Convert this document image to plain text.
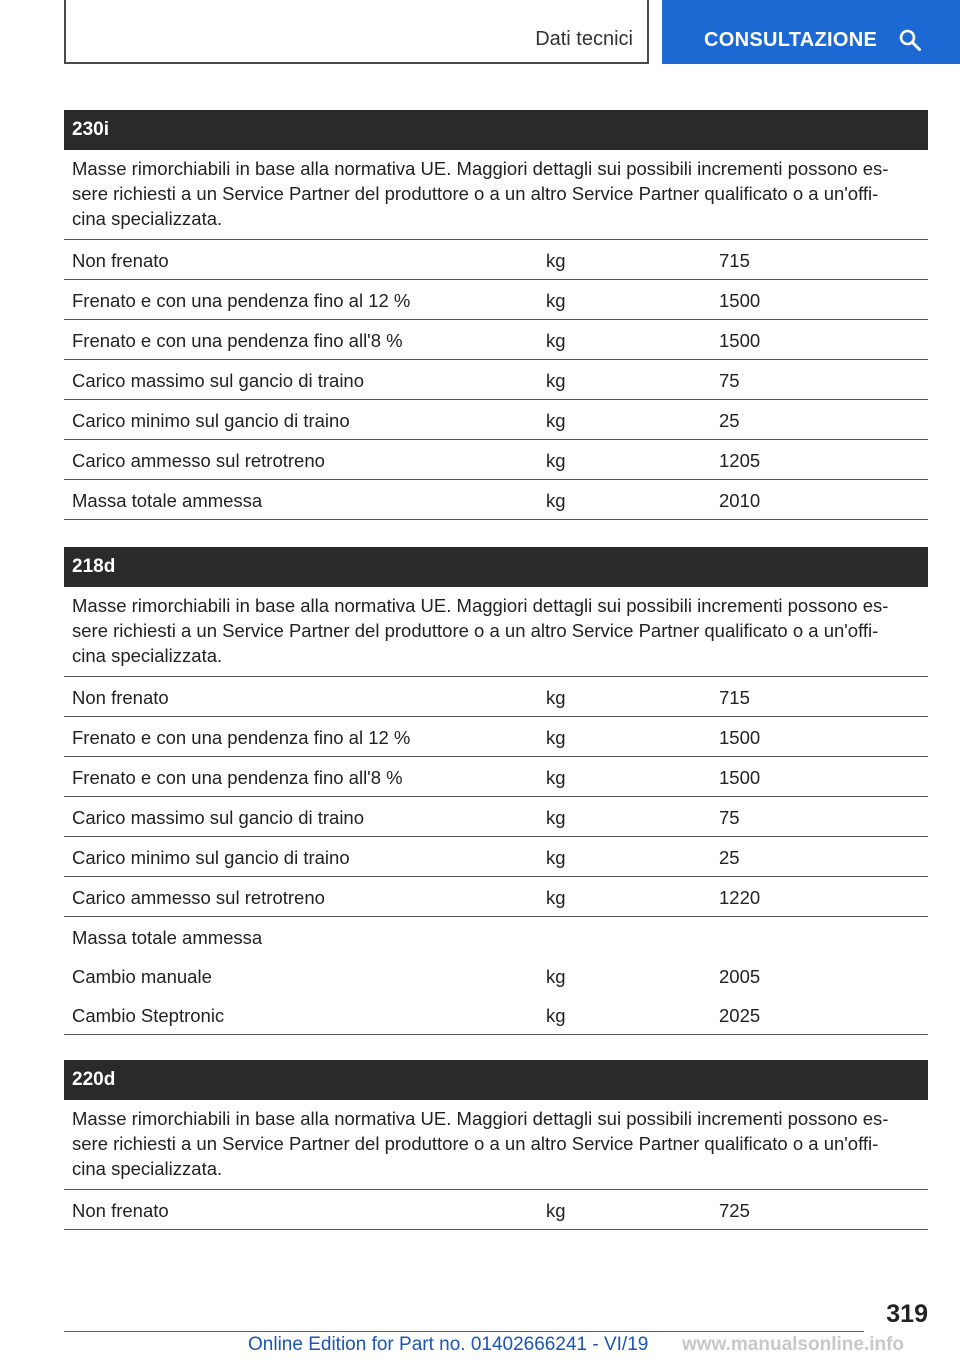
Dati tecnici	CONSULTAZIONE
230i
Masse rimorchiabili in base alla normativa UE. Maggiori dettagli sui possibili incrementi possono es-
sere richiesti a un Service Partner del produttore o a un altro Service Partner qualificato o a un'offi-
cina specializzata.
Non frenato	kg	715
Frenato e con una pendenza fino al 12 %	kg	1500
Frenato e con una pendenza fino all'8 %	kg	1500
Carico massimo sul gancio di traino	kg	75
Carico minimo sul gancio di traino	kg	25
Carico ammesso sul retrotreno	kg	1205
Massa totale ammessa	kg	2010
218d
Masse rimorchiabili in base alla normativa UE. Maggiori dettagli sui possibili incrementi possono es-
sere richiesti a un Service Partner del produttore o a un altro Service Partner qualificato o a un'offi-
cina specializzata.
Non frenato	kg	715
Frenato e con una pendenza fino al 12 %	kg	1500
Frenato e con una pendenza fino all'8 %	kg	1500
Carico massimo sul gancio di traino	kg	75
Carico minimo sul gancio di traino	kg	25
Carico ammesso sul retrotreno	kg	1220
Massa totale ammessa
Cambio manuale	kg	2005
Cambio Steptronic	kg	2025
220d
Masse rimorchiabili in base alla normativa UE. Maggiori dettagli sui possibili incrementi possono es-
sere richiesti a un Service Partner del produttore o a un altro Service Partner qualificato o a un'offi-
cina specializzata.
Non frenato	kg	725
319
Online Edition for Part no. 01402666241 - VI/19 www.manualsonline.info
